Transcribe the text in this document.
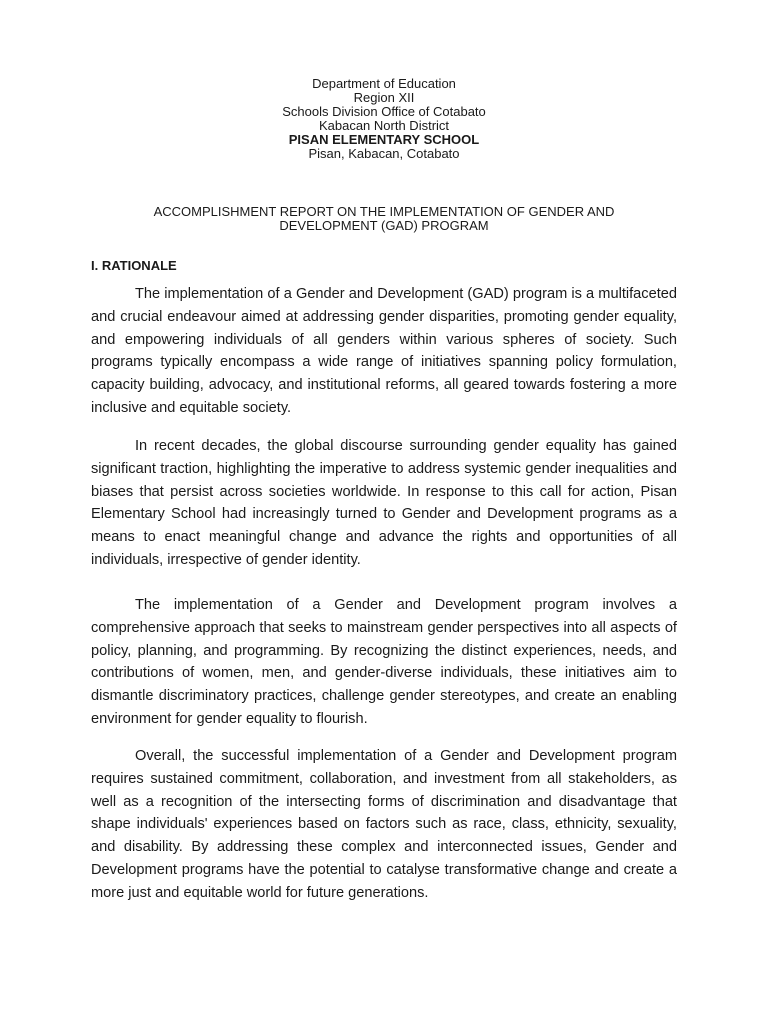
Department of Education
Region XII
Schools Division Office of Cotabato
Kabacan North District
PISAN ELEMENTARY SCHOOL
Pisan, Kabacan, Cotabato
ACCOMPLISHMENT REPORT ON THE IMPLEMENTATION OF GENDER AND
DEVELOPMENT (GAD) PROGRAM
I. RATIONALE

The implementation of a Gender and Development (GAD) program is a multifaceted and crucial endeavour aimed at addressing gender disparities, promoting gender equality, and empowering individuals of all genders within various spheres of society. Such programs typically encompass a wide range of initiatives spanning policy formulation, capacity building, advocacy, and institutional reforms, all geared towards fostering a more inclusive and equitable society.

In recent decades, the global discourse surrounding gender equality has gained significant traction, highlighting the imperative to address systemic gender inequalities and biases that persist across societies worldwide. In response to this call for action, Pisan Elementary School had increasingly turned to Gender and Development programs as a means to enact meaningful change and advance the rights and opportunities of all individuals, irrespective of gender identity.

The implementation of a Gender and Development program involves a comprehensive approach that seeks to mainstream gender perspectives into all aspects of policy, planning, and programming. By recognizing the distinct experiences, needs, and contributions of women, men, and gender-diverse individuals, these initiatives aim to dismantle discriminatory practices, challenge gender stereotypes, and create an enabling environment for gender equality to flourish.

Overall, the successful implementation of a Gender and Development program requires sustained commitment, collaboration, and investment from all stakeholders, as well as a recognition of the intersecting forms of discrimination and disadvantage that shape individuals' experiences based on factors such as race, class, ethnicity, sexuality, and disability. By addressing these complex and interconnected issues, Gender and Development programs have the potential to catalyse transformative change and create a more just and equitable world for future generations.
